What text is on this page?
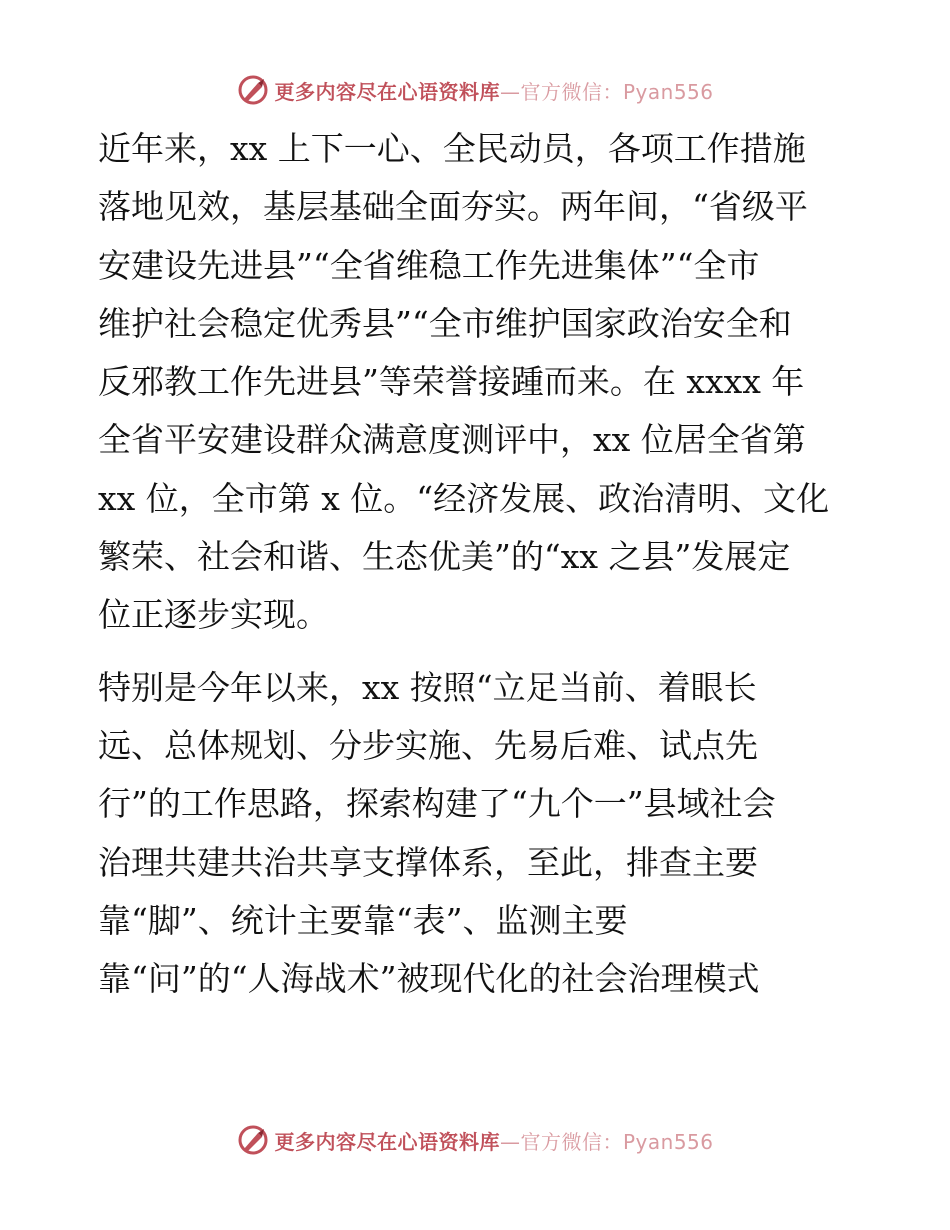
更多内容尽在心语资料库—官方微信：Pyan556

近年来，xx 上下一心、全民动员，各项工作措施
落地见效，基层基础全面夯实。两年间，“省级平
安建设先进县”“全省维稳工作先进集体”“全市
维护社会稳定优秀县”“全市维护国家政治安全和
反邪教工作先进县”等荣誉接踵而来。在 xxxx 年
全省平安建设群众满意度测评中，xx 位居全省第
xx 位，全市第 x 位。“经济发展、政治清明、文化
繁荣、社会和谐、生态优美”的“xx 之县”发展定
位正逐步实现。

特别是今年以来，xx 按照“立足当前、着眼长
远、总体规划、分步实施、先易后难、试点先
行”的工作思路，探索构建了“九个一”县域社会
治理共建共治共享支撑体系，至此，排查主要
靠“脚”、统计主要靠“表”、监测主要
靠“问”的“人海战术”被现代化的社会治理模式

更多内容尽在心语资料库—官方微信：Pyan556
